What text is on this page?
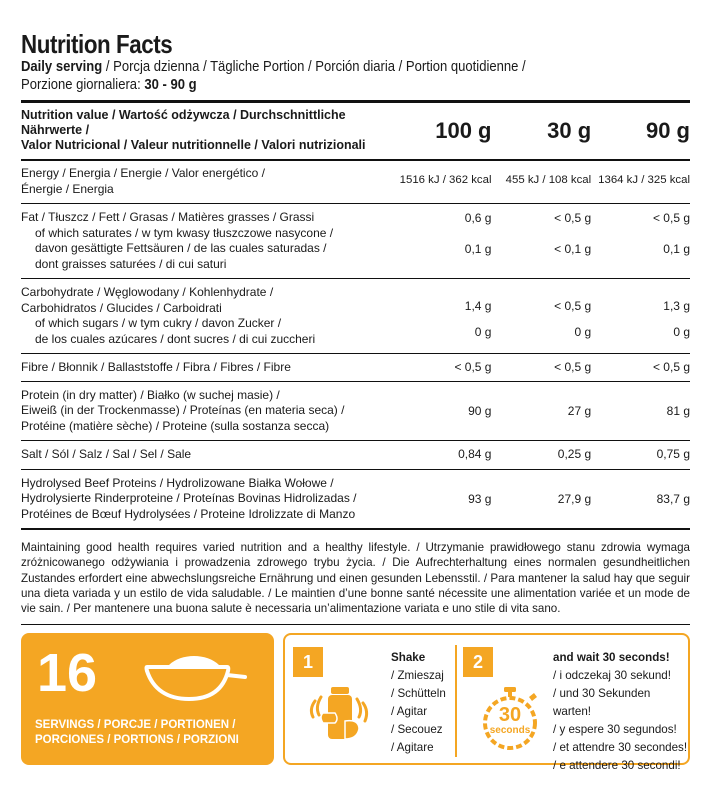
Nutrition Facts
Daily serving / Porcja dzienna / Tägliche Portion / Porción diaria / Portion quotidienne /
Porzione giornaliera: 30 - 90 g
Nutrition value / Wartość odżywcza / Durchschnittliche Nährwerte /
Valor Nutricional / Valeur nutritionnelle / Valori nutrizionali	100 g	30 g	90 g

Energy / Energia / Energie / Valor energético /
Énergie / Energia	1516 kJ / 362 kcal	455 kJ / 108 kcal	1364 kJ / 325 kcal
Fat / Tłuszcz / Fett / Grasas / Matières grasses / Grassi	0,6 g	< 0,5 g	< 0,5 g

of which saturates / w tym kwasy tłuszczowe nasycone /
davon gesättigte Fettsäuren / de las cuales saturadas /
dont graisses saturées / di cui saturi	0,1 g	< 0,1 g	0,1 g

Carbohydrate / Węglowodany / Kohlenhydrate /
Carbohidratos / Glucides / Carboidrati	1,4 g	< 0,5 g	1,3 g

of which sugars / w tym cukry / davon Zucker /
de los cuales azúcares / dont sucres / di cui zuccheri	0 g	0 g	0 g
Fibre / Błonnik / Ballaststoffe / Fibra / Fibres / Fibre	< 0,5 g	< 0,5 g	< 0,5 g

Protein (in dry matter) / Białko (w suchej masie) /
Eiweiß (in der Trockenmasse) / Proteínas (en materia seca) /
Protéine (matière sèche) / Proteine (sulla sostanza secca)	90 g	27 g	81 g
Salt / Sól / Salz / Sal / Sel / Sale	0,84 g	0,25 g	0,75 g

Hydrolysed Beef Proteins / Hydrolizowane Białka Wołowe /
Hydrolysierte Rinderproteine / Proteínas Bovinas Hidrolizadas /
Protéines de Bœuf Hydrolysées / Proteine Idrolizzate di Manzo	93 g	27,9 g	83,7 g

Maintaining good health requires varied nutrition and a healthy lifestyle. / Utrzymanie prawidłowego stanu zdrowia wymaga zróżnicowanego odżywiania i prowadzenia zdrowego trybu życia. / Die Aufrechterhaltung eines normalen gesundheitlichen Zustandes erfordert eine abwechslungsreiche Ernährung und einen gesunden Lebensstil. / Para mantener la salud hay que seguir una dieta variada y un estilo de vida saludable. / Le maintien d’une bonne santé nécessite une alimentation variée et un mode de vie sain. / Per mantenere una buona salute è necessaria un’alimentazione variata e uno stile di vita sano.

16
SERVINGS / PORCJE / PORTIONEN /
PORCIONES / PORTIONS / PORZIONI
1	Shake
/ Zmieszaj
/ Schütteln
/ Agitar
/ Secouez
/ Agitare
2
30
seconds
and wait 30 seconds!
/ i odczekaj 30 sekund!
/ und 30 Sekunden warten!
/ y espere 30 segundos!
/ et attendre 30 secondes!
/ e attendere 30 secondi!
